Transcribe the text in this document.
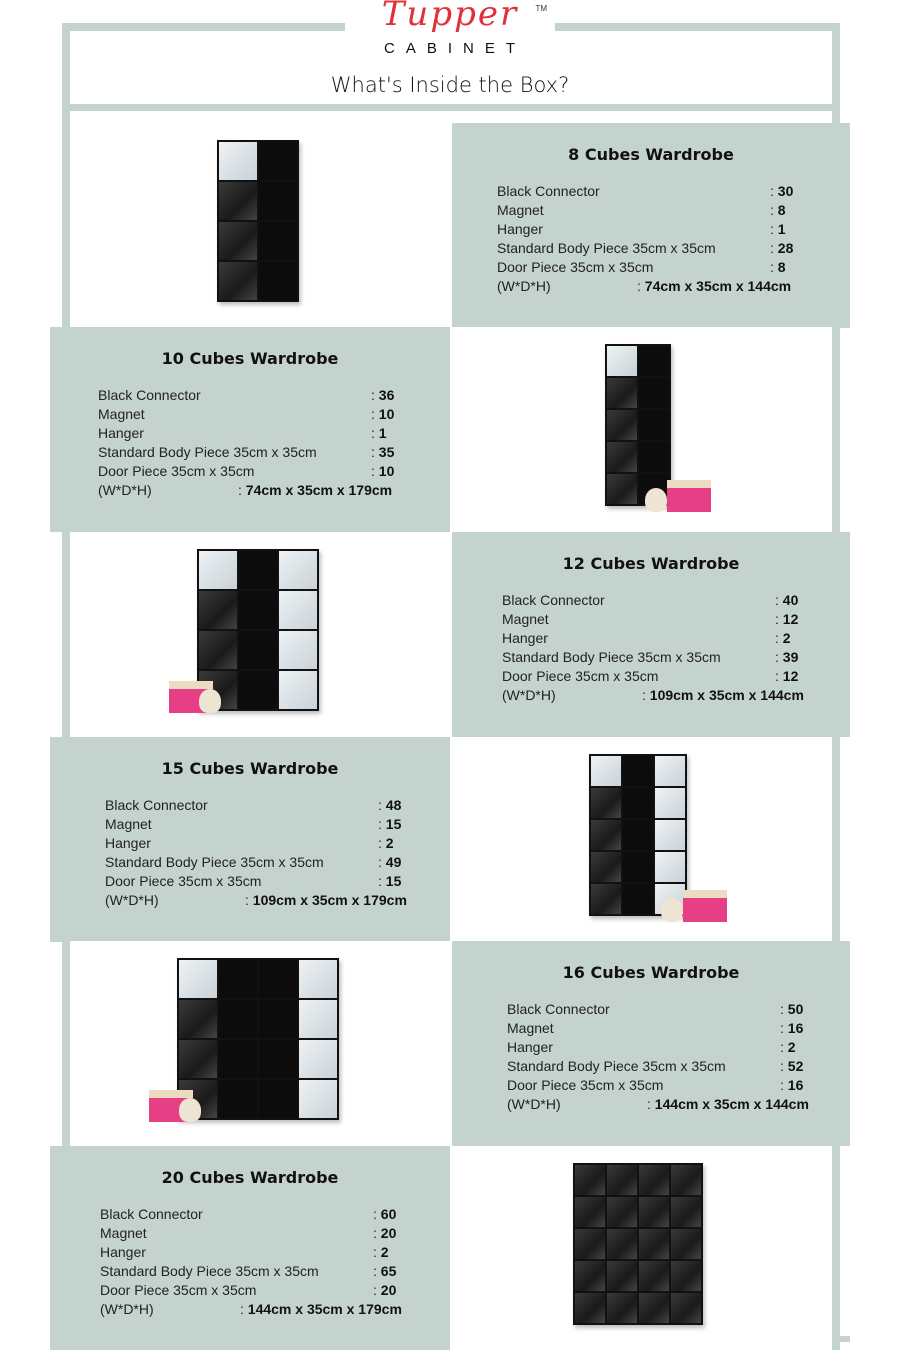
Tupper
CABINET
TM
What's Inside the Box?
8 Cubes Wardrobe
Black Connector	: 30
Magnet	: 8
Hanger	: 1
Standard Body Piece 35cm x 35cm	: 28
Door Piece 35cm x 35cm	: 8
(W*D*H)	: 74cm x 35cm x 144cm
10 Cubes Wardrobe
Black Connector	: 36
Magnet	: 10
Hanger	: 1
Standard Body Piece 35cm x 35cm	: 35
Door Piece 35cm x 35cm	: 10
(W*D*H)	: 74cm x 35cm x 179cm
12 Cubes Wardrobe
Black Connector	: 40
Magnet	: 12
Hanger	: 2
Standard Body Piece 35cm x 35cm	: 39
Door Piece 35cm x 35cm	: 12
(W*D*H)	: 109cm x 35cm x 144cm
15 Cubes Wardrobe
Black Connector	: 48
Magnet	: 15
Hanger	: 2
Standard Body Piece 35cm x 35cm	: 49
Door Piece 35cm x 35cm	: 15
(W*D*H)	: 109cm x 35cm x 179cm
16 Cubes Wardrobe
Black Connector	: 50
Magnet	: 16
Hanger	: 2
Standard Body Piece 35cm x 35cm	: 52
Door Piece 35cm x 35cm	: 16
(W*D*H)	: 144cm x 35cm x 144cm
20 Cubes Wardrobe
Black Connector	: 60
Magnet	: 20
Hanger	: 2
Standard Body Piece 35cm x 35cm	: 65
Door Piece 35cm x 35cm	: 20
(W*D*H)	: 144cm x 35cm x 179cm
